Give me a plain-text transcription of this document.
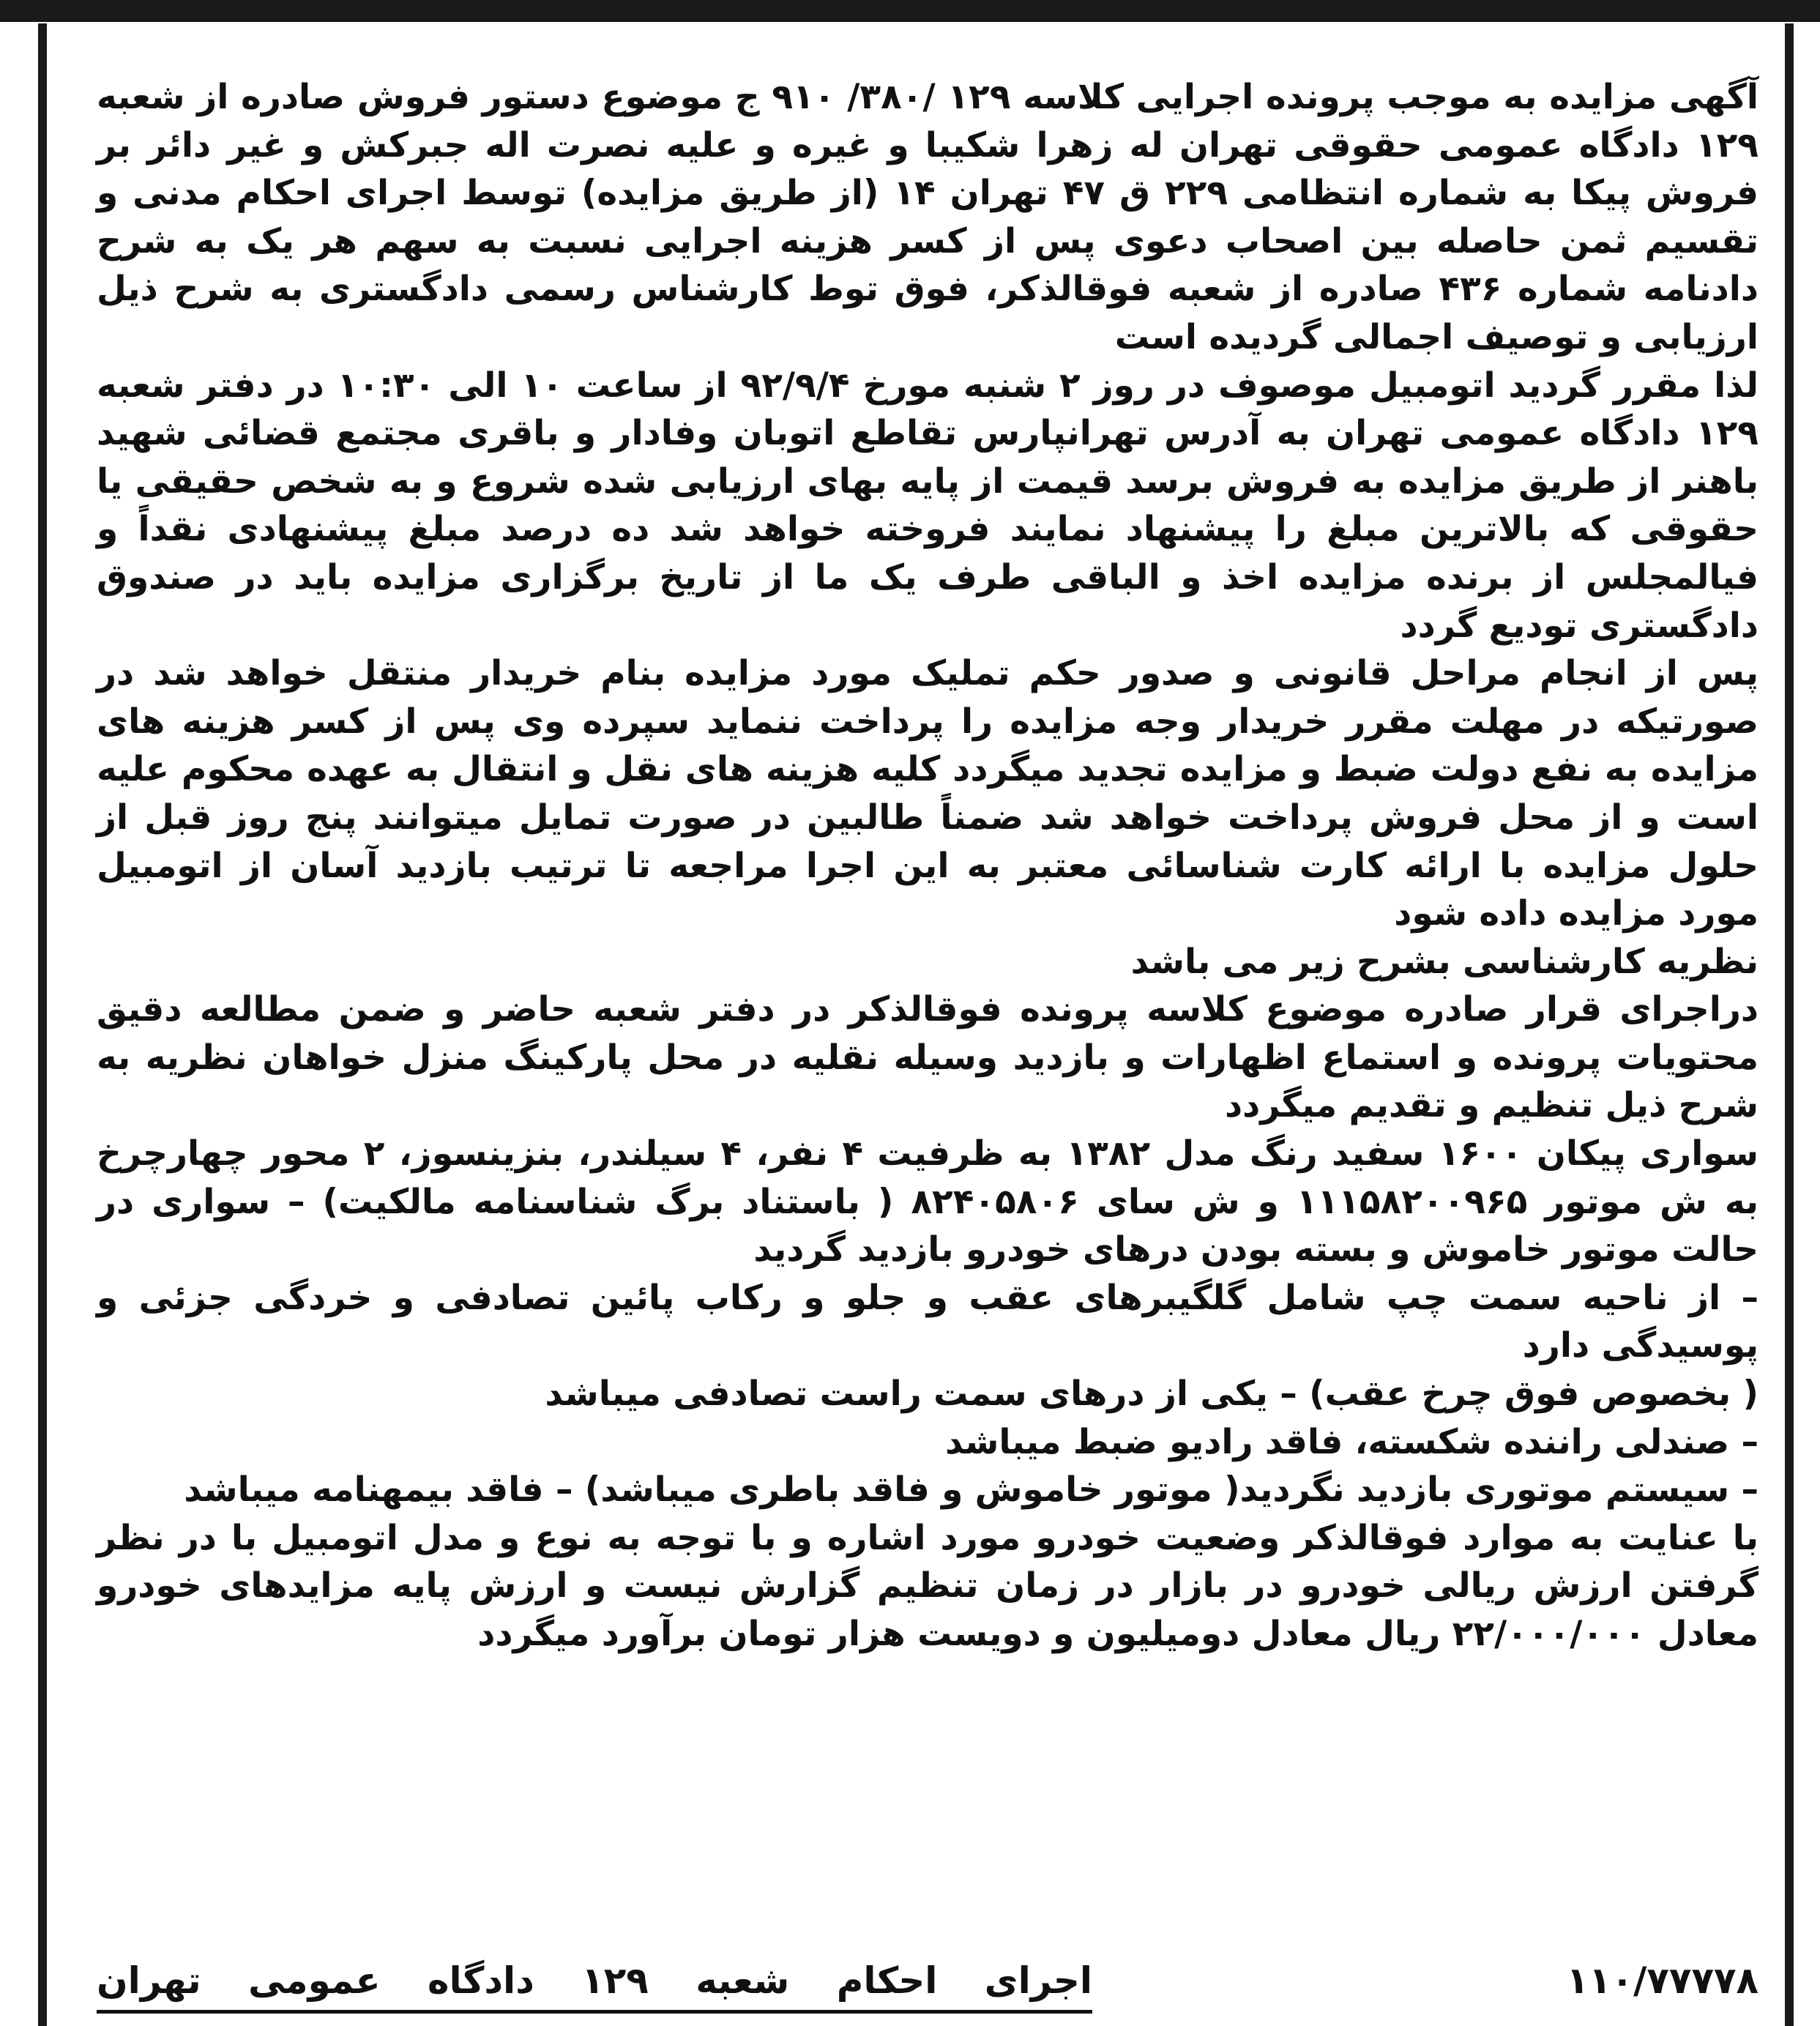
آگهی مزایده به موجب پرونده اجرایی کلاسه ۱۲۹ /۳۸۰/ ۹۱۰ ج موضوع دستور فروش صادره از شعبه ۱۲۹ دادگاه عمومی حقوقی تهران له زهرا شکیبا و غیره و علیه نصرت اله جبرکش و غیر دائر بر فروش پیکا به شماره انتظامی ۲۲۹ ق ۴۷ تهران ۱۴ (از طریق مزایده) توسط اجرای احکام مدنی و تقسیم ثمن حاصله بین اصحاب دعوی پس از کسر هزینه اجرایی نسبت به سهم هر یک به شرح دادنامه شماره ۴۳۶ صادره از شعبه فوقالذکر، فوق توط کارشناس رسمی دادگستری به شرح ذیل ارزیابی و توصیف اجمالی گردیده است

لذا مقرر گردید اتومبیل موصوف در روز ۲ شنبه مورخ ۹۲/۹/۴ از ساعت ۱۰ الی ۱۰:۳۰ در دفتر شعبه ۱۲۹ دادگاه عمومی تهران به آدرس تهرانپارس تقاطع اتوبان وفادار و باقری مجتمع قضائی شهید باهنر از طریق مزایده به فروش برسد قیمت از پایه بهای ارزیابی شده شروع و به شخص حقیقی یا حقوقی که بالاترین مبلغ را پیشنهاد نمایند فروخته خواهد شد ده درصد مبلغ پیشنهادی نقداً و فیالمجلس از برنده مزایده اخذ و الباقی طرف یک ما از تاریخ برگزاری مزایده باید در صندوق دادگستری تودیع گردد

پس از انجام مراحل قانونی و صدور حکم تملیک مورد مزایده بنام خریدار منتقل خواهد شد در صورتیکه در مهلت مقرر خریدار وجه مزایده را پرداخت ننماید سپرده وی پس از کسر هزینه های مزایده به نفع دولت ضبط و مزایده تجدید میگردد کلیه هزینه های نقل و انتقال به عهده محکوم علیه است و از محل فروش پرداخت خواهد شد ضمناً طالبین در صورت تمایل میتوانند پنج روز قبل از حلول مزایده با ارائه کارت شناسائی معتبر به این اجرا مراجعه تا ترتیب بازدید آسان از اتومبیل مورد مزایده داده شود

نظریه کارشناسی بشرح زیر می باشد

دراجرای قرار صادره موضوع کلاسه پرونده فوقالذکر در دفتر شعبه حاضر و ضمن مطالعه دقیق محتویات پرونده و استماع اظهارات و بازدید وسیله نقلیه در محل پارکینگ منزل خواهان نظریه به شرح ذیل تنظیم و تقدیم میگردد

سواری پیکان ۱۶۰۰ سفید رنگ مدل ۱۳۸۲ به ظرفیت ۴ نفر، ۴ سیلندر، بنزینسوز، ۲ محور چهارچرخ به ش موتور ۱۱۱۵۸۲۰۰۹۶۵ و ش سای ۸۲۴۰۵۸۰۶ ( باستناد برگ شناسنامه مالکیت) – سواری در حالت موتور خاموش و بسته بودن درهای خودرو بازدید گردید

– از ناحیه سمت چپ شامل گلگیبرهای عقب و جلو و رکاب پائین تصادفی و خردگی جزئی و پوسیدگی دارد

( بخصوص فوق چرخ عقب) – یکی از درهای سمت راست تصادفی میباشد

– صندلی راننده شکسته، فاقد رادیو ضبط میباشد

– سیستم موتوری بازدید نگردید( موتور خاموش و فاقد باطری میباشد) – فاقد بیمهنامه میباشد

با عنایت به موارد فوقالذکر وضعیت خودرو مورد اشاره و با توجه به نوع و مدل اتومبیل با در نظر گرفتن ارزش ریالی خودرو در بازار در زمان تنظیم گزارش نیست و ارزش پایه مزایدهای خودرو معادل ۲۲/۰۰۰/۰۰۰ ریال معادل دومیلیون و دویست هزار تومان برآورد میگردد

۱۱۰/۷۷۷۷۸
اجرای احکام شعبه ۱۲۹ دادگاه عمومی تهران
